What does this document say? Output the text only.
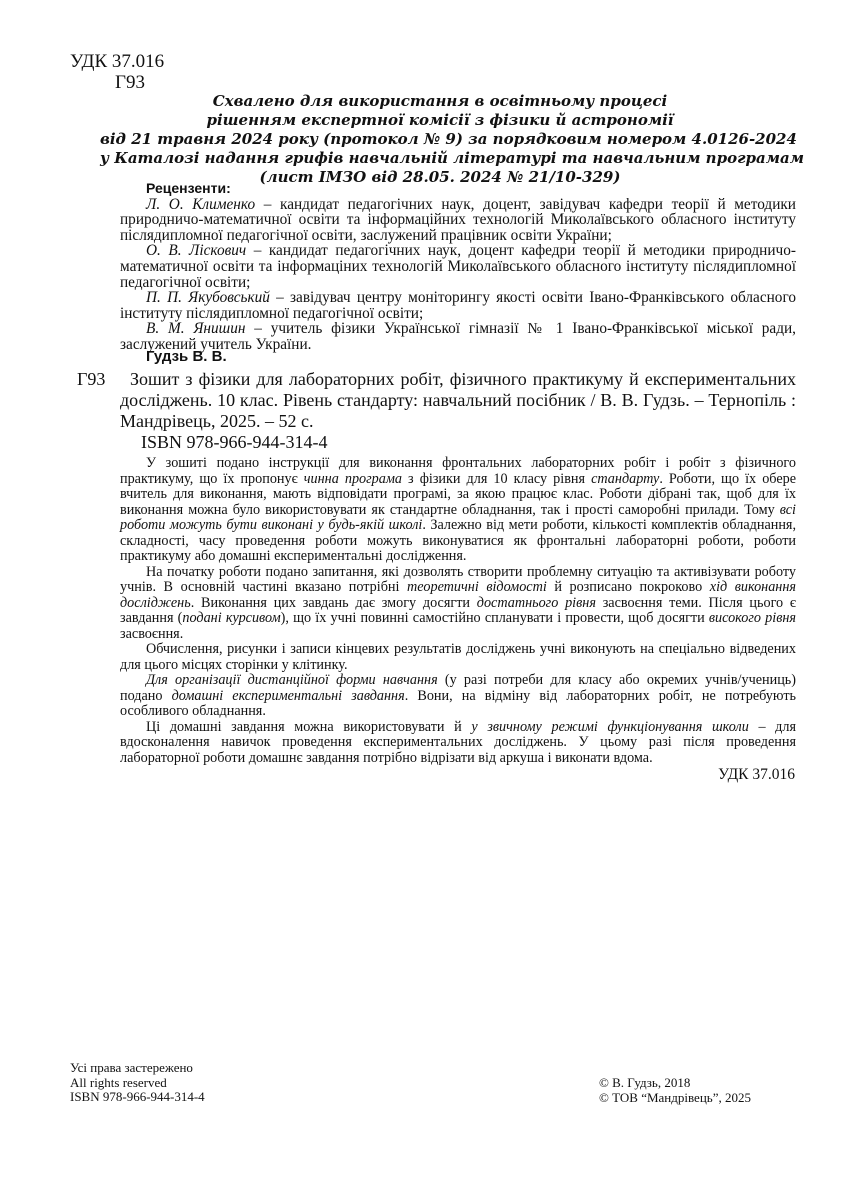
УДК 37.016
Г93
Схвалено для використання в освітньому процесі
рішенням експертної комісії з фізики й астрономії
від 21 травня 2024 року (протокол № 9) за порядковим номером 4.0126-2024
у Каталозі надання грифів навчальній літературі та навчальним програмам
(лист ІМЗО від 28.05. 2024 № 21/10-329)
Рецензенти:

Л. О. Клименко – кандидат педагогічних наук, доцент, завідувач кафедри теорії й методики природничо-математичної освіти та інформаційних технологій Миколаївського обласного інституту післядипломної педагогічної освіти, заслужений працівник освіти України;

О. В. Ліскович – кандидат педагогічних наук, доцент кафедри теорії й методики природничо-математичної освіти та інформаціних технологій Миколаївського обласного інституту післядипломної педагогічної освіти;

П. П. Якубовський – завідувач центру моніторингу якості освіти Івано-Франківського обласного інституту післядипломної педагогічної освіти;

В. М. Янишин – учитель фізики Української гімназії № 1 Івано-Франківської міської ради, заслужений учитель України.

Гудзь В. В.
Г93	Зошит з фізики для лабораторних робіт, фізичного практикуму й експериментальних досліджень. 10 клас. Рівень стандарту: навчальний посібник / В. В. Гудзь. – Тернопіль : Мандрівець, 2025. – 52 с.
ISBN 978-966-944-314-4

У зошиті подано інструкції для виконання фронтальних лабораторних робіт і робіт з фізичного практикуму, що їх пропонує чинна програма з фізики для 10 класу рівня стандарту. Роботи, що їх обере вчитель для виконання, мають відповідати програмі, за якою працює клас. Роботи дібрані так, щоб для їх виконання можна було використовувати як стандартне обладнання, так і прості саморобні прилади. Тому всі роботи можуть бути виконані у будь-якій школі. Залежно від мети роботи, кількості комплектів обладнання, складності, часу проведення роботи можуть виконуватися як фронтальні лабораторні роботи, роботи практикуму або домашні експериментальні дослідження.

На початку роботи подано запитання, які дозволять створити проблемну ситуацію та активізувати роботу учнів. В основній частині вказано потрібні теоретичні відомості й розписано покроково хід виконання досліджень. Виконання цих завдань дає змогу досягти достатнього рівня засвоєння теми. Після цього є завдання (подані курсивом), що їх учні повинні самостійно спланувати і провести, щоб досягти високого рівня засвоєння.

Обчислення, рисунки і записи кінцевих результатів досліджень учні виконують на спеціально відведених для цього місцях сторінки у клітинку.

Для організації дистанційної форми навчання (у разі потреби для класу або окремих учнів/учениць) подано домашні експериментальні завдання. Вони, на відміну від лабораторних робіт, не потребують особливого обладнання.

Ці домашні завдання можна використовувати й у звичному режимі функціонування школи – для вдосконалення навичок проведення експериментальних досліджень. У цьому разі після проведення лабораторної роботи домашнє завдання потрібно відрізати від аркуша і виконати вдома.

УДК 37.016
Усі права застережено
All rights reserved
ISBN 978-966-944-314-4
© В. Гудзь, 2018
© ТОВ “Мандрівець”, 2025
